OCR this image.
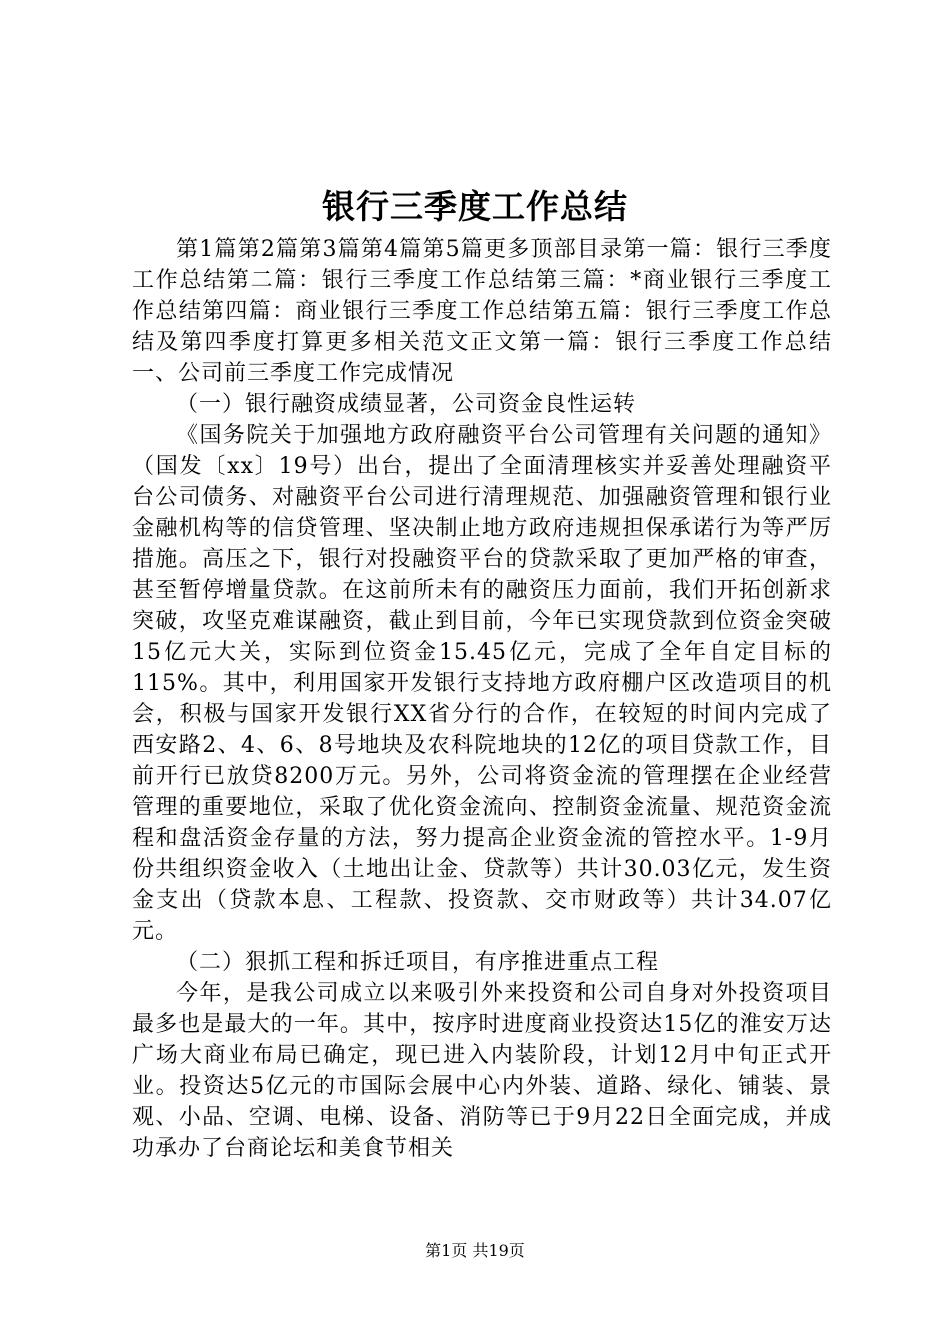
银行三季度工作总结

第1篇第2篇第3篇第4篇第5篇更多顶部目录第一篇：银行三季度工作总结第二篇：银行三季度工作总结第三篇：*商业银行三季度工作总结第四篇：商业银行三季度工作总结第五篇：银行三季度工作总结及第四季度打算更多相关范文正文第一篇：银行三季度工作总结一、公司前三季度工作完成情况

（一）银行融资成绩显著，公司资金良性运转

《国务院关于加强地方政府融资平台公司管理有关问题的通知》（国发〔xx〕19号）出台，提出了全面清理核实并妥善处理融资平台公司债务、对融资平台公司进行清理规范、加强融资管理和银行业金融机构等的信贷管理、坚决制止地方政府违规担保承诺行为等严厉措施。高压之下，银行对投融资平台的贷款采取了更加严格的审查，甚至暂停增量贷款。在这前所未有的融资压力面前，我们开拓创新求突破，攻坚克难谋融资，截止到目前，今年已实现贷款到位资金突破15亿元大关，实际到位资金15.45亿元，完成了全年自定目标的115%。其中，利用国家开发银行支持地方政府棚户区改造项目的机会，积极与国家开发银行XX省分行的合作，在较短的时间内完成了西安路2、4、6、8号地块及农科院地块的12亿的项目贷款工作，目前开行已放贷8200万元。另外，公司将资金流的管理摆在企业经营管理的重要地位，采取了优化资金流向、控制资金流量、规范资金流程和盘活资金存量的方法，努力提高企业资金流的管控水平。1-9月份共组织资金收入（土地出让金、贷款等）共计30.03亿元，发生资金支出（贷款本息、工程款、投资款、交市财政等）共计34.07亿元。

（二）狠抓工程和拆迁项目，有序推进重点工程

今年，是我公司成立以来吸引外来投资和公司自身对外投资项目最多也是最大的一年。其中，按序时进度商业投资达15亿的淮安万达广场大商业布局已确定，现已进入内装阶段，计划12月中旬正式开业。投资达5亿元的市国际会展中心内外装、道路、绿化、铺装、景观、小品、空调、电梯、设备、消防等已于9月22日全面完成，并成功承办了台商论坛和美食节相关

第1页 共19页
